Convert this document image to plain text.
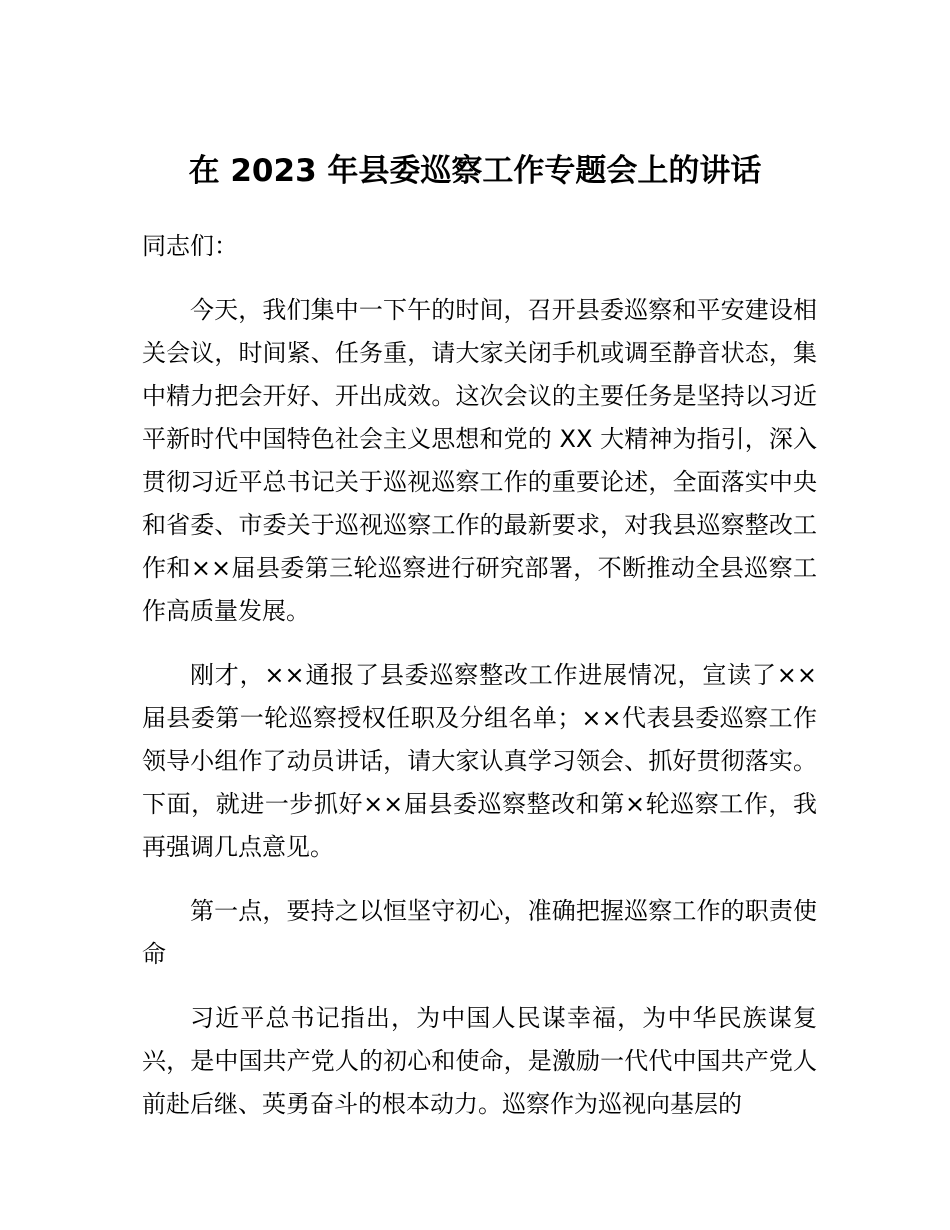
在 2023 年县委巡察工作专题会上的讲话

同志们：

今天，我们集中一下午的时间，召开县委巡察和平安建设相关会议，时间紧、任务重，请大家关闭手机或调至静音状态，集中精力把会开好、开出成效。这次会议的主要任务是坚持以习近平新时代中国特色社会主义思想和党的 XX 大精神为指引，深入贯彻习近平总书记关于巡视巡察工作的重要论述，全面落实中央和省委、市委关于巡视巡察工作的最新要求，对我县巡察整改工作和××届县委第三轮巡察进行研究部署，不断推动全县巡察工作高质量发展。

刚才，××通报了县委巡察整改工作进展情况，宣读了××届县委第一轮巡察授权任职及分组名单；××代表县委巡察工作领导小组作了动员讲话，请大家认真学习领会、抓好贯彻落实。下面，就进一步抓好××届县委巡察整改和第×轮巡察工作，我再强调几点意见。

第一点，要持之以恒坚守初心，准确把握巡察工作的职责使命

习近平总书记指出，为中国人民谋幸福，为中华民族谋复兴，是中国共产党人的初心和使命，是激励一代代中国共产党人前赴后继、英勇奋斗的根本动力。巡察作为巡视向基层的
